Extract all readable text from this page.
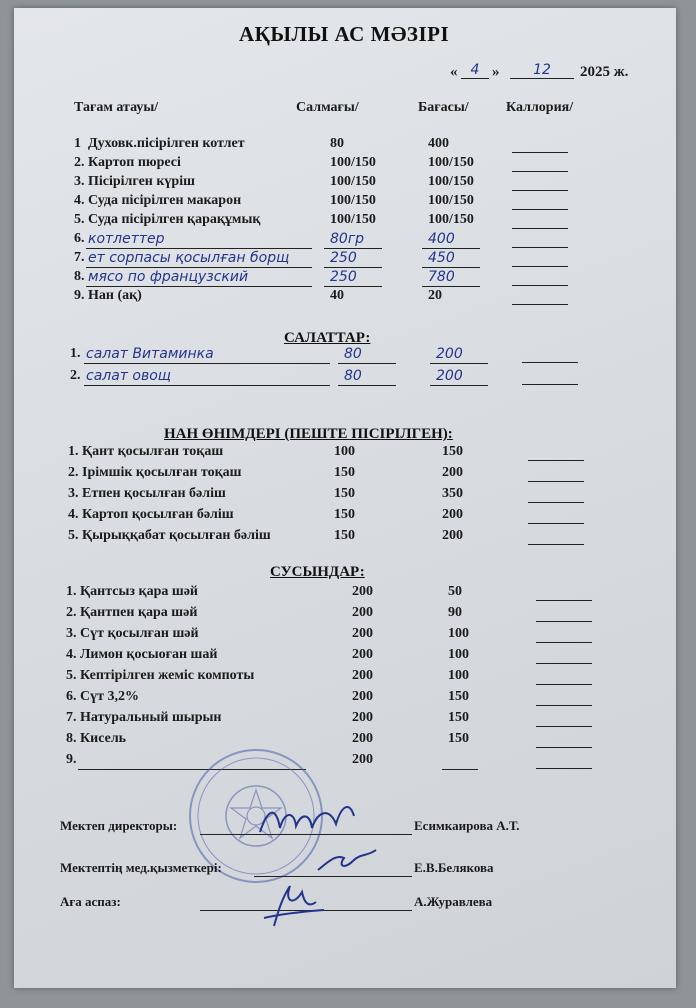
АҚЫЛЫ АС МӘЗІРІ
« 4 »	12	2025 ж.
Тағам атауы/	Салмағы/	Бағасы/	Каллория/
1 Духовк.пісірілген котлет	80	400
2. Картоп пюресі	100/150	100/150
3. Пісірілген күріш	100/150	100/150
4. Суда пісірілген макарон	100/150	100/150
5. Суда пісірілген қарақұмық	100/150	100/150
6. котлеттер	80гр	400
7. ет сорпасы қосылған борщ	250	450
8. мясо по французский	250	780
9. Нан (ақ)	40	20
САЛАТТАР:
1. салат Витаминка	80	200
2. салат овощ	80	200
НАН ӨНІМДЕРІ (ПЕШТЕ ПІСІРІЛГЕН):
1. Қант қосылған тоқаш	100	150
2. Ірімшік қосылған тоқаш	150	200
3. Етпен қосылған бәліш	150	350
4. Картоп қосылған бәліш	150	200
5. Қырыққабат қосылған бәліш	150	200
СУСЫНДАР:
1. Қантсыз қара шәй	200	50
2. Қантпен қара шәй	200	90
3. Сүт қосылған шәй	200	100
4. Лимон қосыоған шай	200	100
5. Кептірілген жеміс компоты	200	100
6. Сүт 3,2%	200	150
7. Натуральный шырын	200	150
8. Кисель	200	150
9.	200
Мектеп директоры:	Есимкаирова А.Т.
Мектептің мед.қызметкері:	Е.В.Белякова
Аға аспаз:	А.Журавлева
